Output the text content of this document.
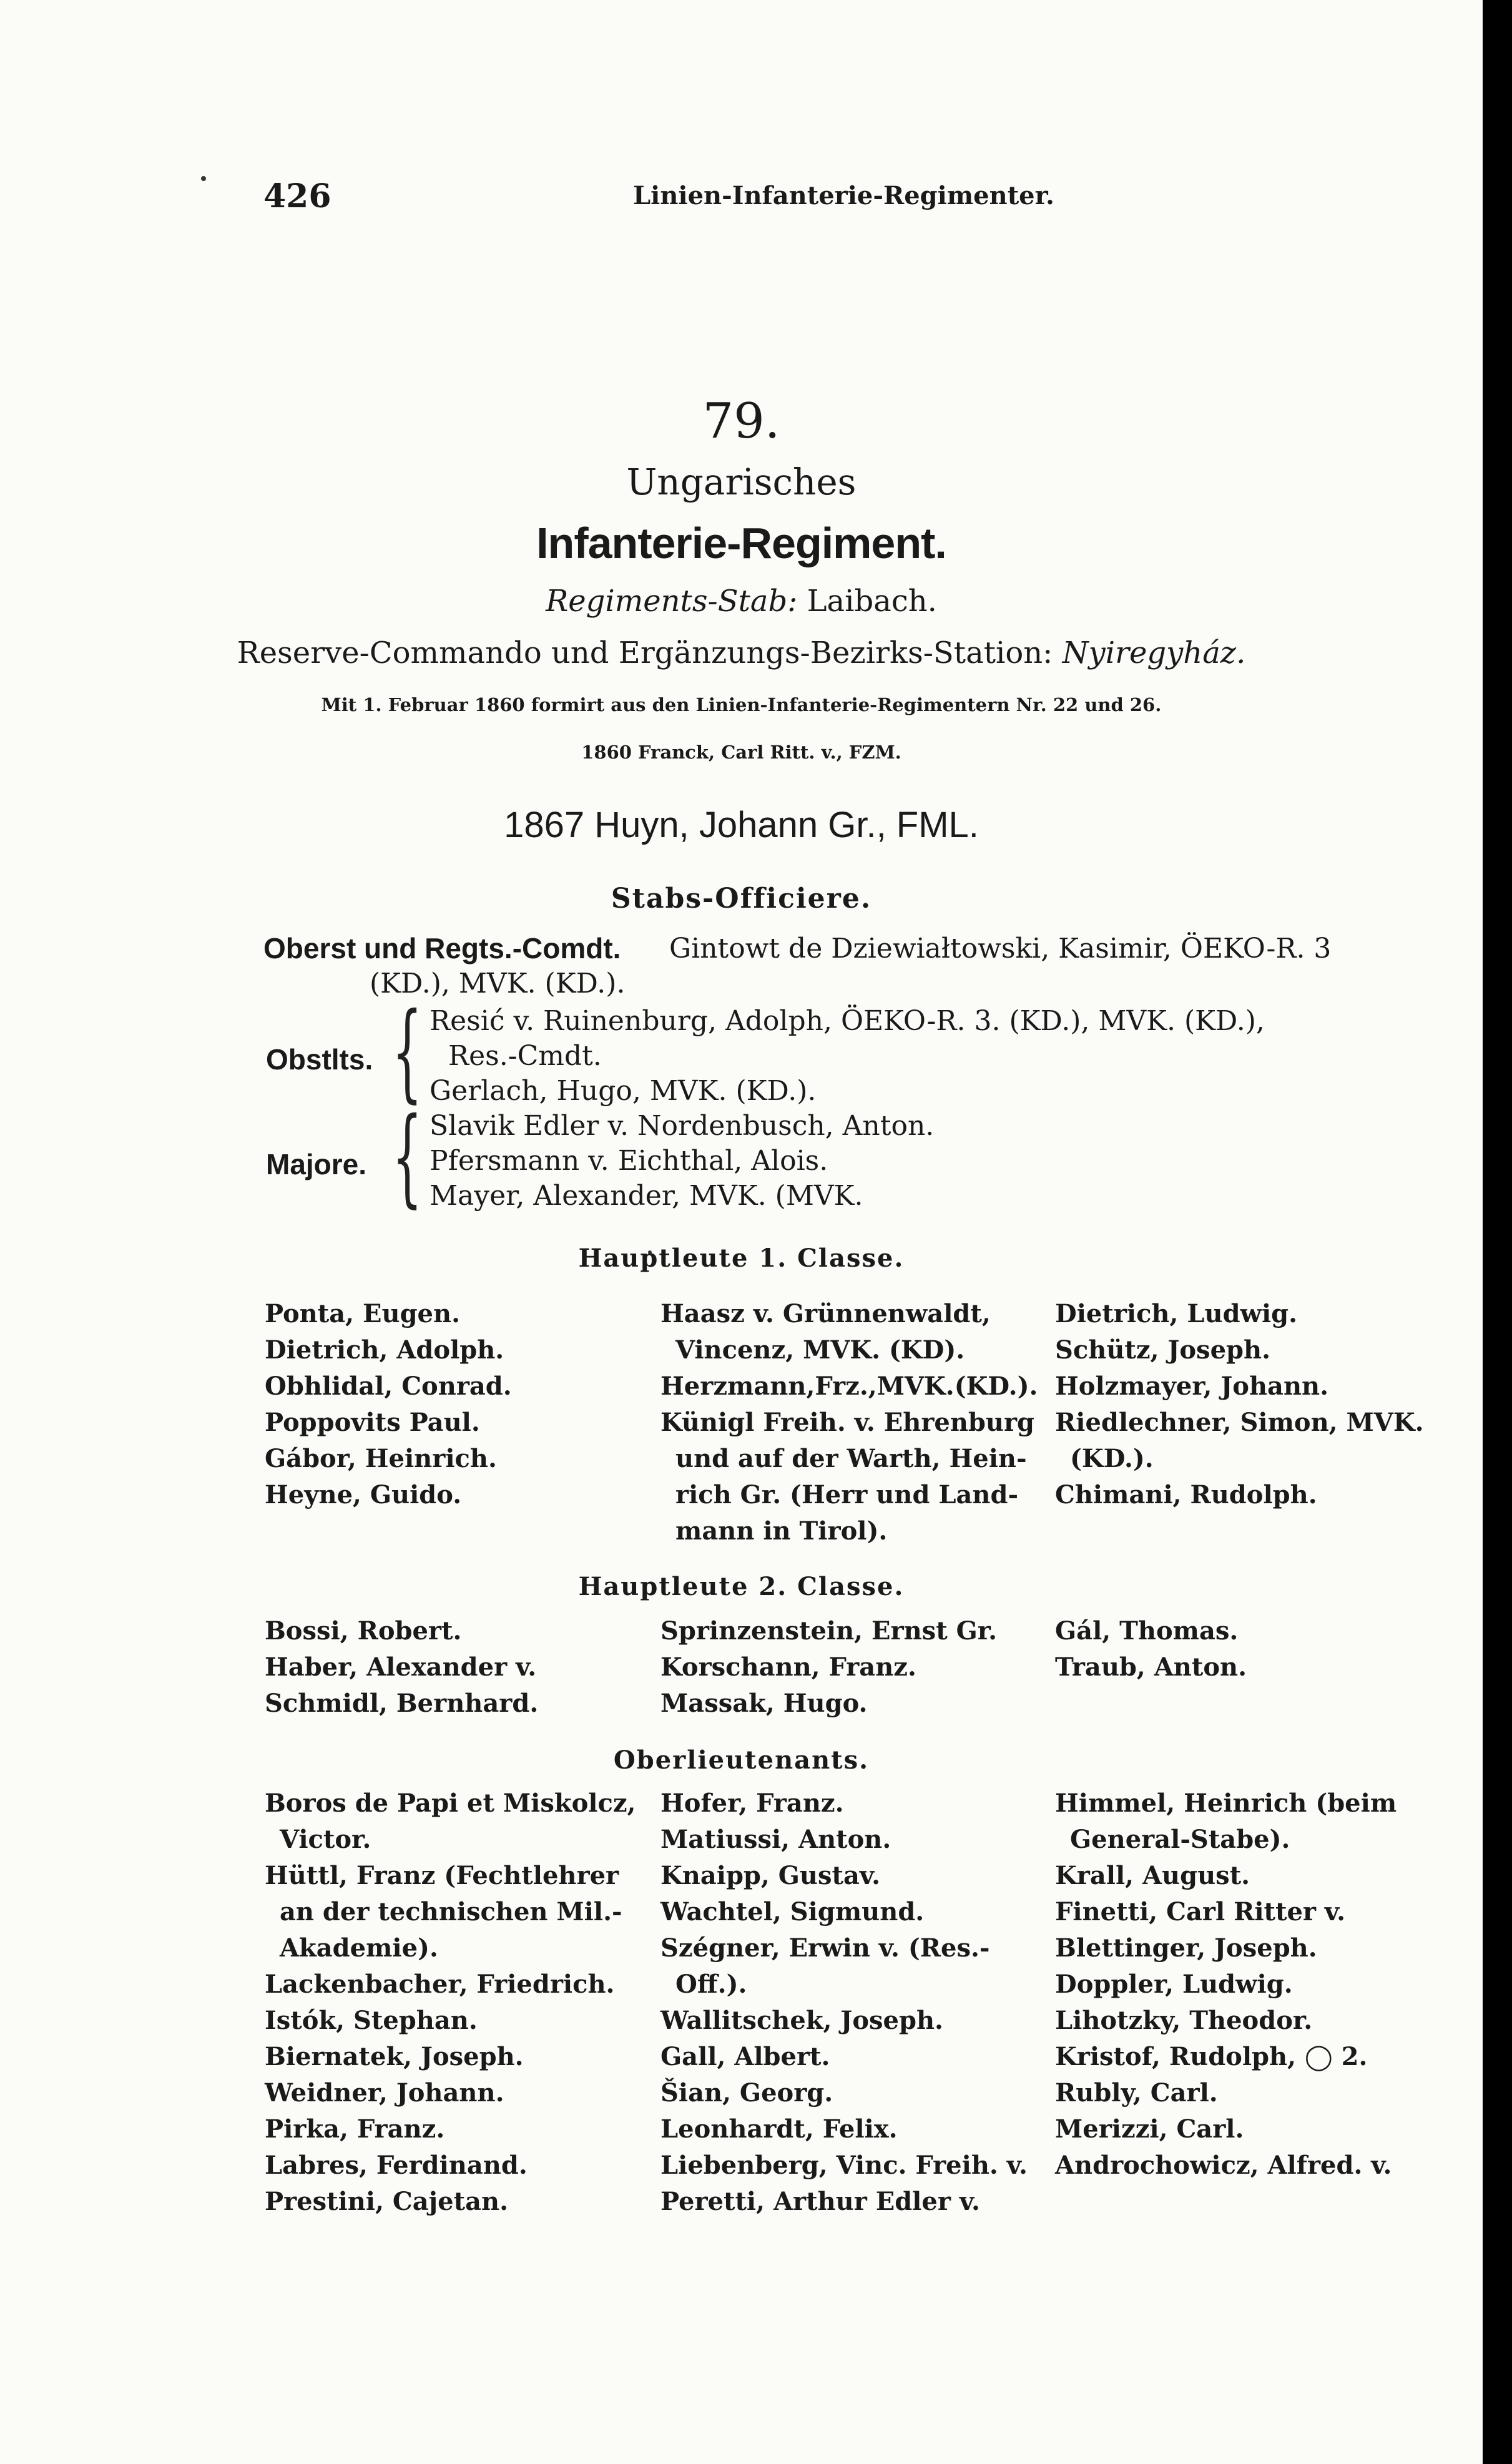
426	Linien-Infanterie-Regimenter.
79.
Ungarisches
Infanterie-Regiment.
Regiments-Stab: Laibach.
Reserve-Commando und Ergänzungs-Bezirks-Station: Nyiregyház.
Mit 1. Februar 1860 formirt aus den Linien-Infanterie-Regimentern Nr. 22 und 26.
1860 Franck, Carl Ritt. v., FZM.
1867 Huyn, Johann Gr., FML.
Stabs-Officiere.
Oberst und Regts.-Comdt. Gintowt de Dziewiałtowski, Kasimir, ÖEKO-R. 3
(KD.), MVK. (KD.).
Obstlts. { Resić v. Ruinenburg, Adolph, ÖEKO-R. 3. (KD.), MVK. (KD.),
Res.-Cmdt.
Gerlach, Hugo, MVK. (KD.).
Majore. { Slavik Edler v. Nordenbusch, Anton.
Pfersmann v. Eichthal, Alois.
Mayer, Alexander, MVK. (MVK.
Hauptleute 1. Classe.
Ponta, Eugen.
Dietrich, Adolph.
Obhlidal, Conrad.
Poppovits Paul.
Gábor, Heinrich.
Heyne, Guido.
Haasz v. Grünnenwaldt,
Vincenz, MVK. (KD).
Herzmann,Frz.,MVK.(KD.).
Künigl Freih. v. Ehrenburg
und auf der Warth, Hein-
rich Gr. (Herr und Land-
mann in Tirol).
Dietrich, Ludwig.
Schütz, Joseph.
Holzmayer, Johann.
Riedlechner, Simon, MVK.
(KD.).
Chimani, Rudolph.
Hauptleute 2. Classe.
Bossi, Robert.
Haber, Alexander v.
Schmidl, Bernhard.
Sprinzenstein, Ernst Gr.
Korschann, Franz.
Massak, Hugo.
Gál, Thomas.
Traub, Anton.
Oberlieutenants.
Boros de Papi et Miskolcz,
Victor.
Hüttl, Franz (Fechtlehrer
an der technischen Mil.-
Akademie).
Lackenbacher, Friedrich.
Istók, Stephan.
Biernatek, Joseph.
Weidner, Johann.
Pirka, Franz.
Labres, Ferdinand.
Prestini, Cajetan.
Hofer, Franz.
Matiussi, Anton.
Knaipp, Gustav.
Wachtel, Sigmund.
Szégner, Erwin v. (Res.-
Off.).
Wallitschek, Joseph.
Gall, Albert.
Šian, Georg.
Leonhardt, Felix.
Liebenberg, Vinc. Freih. v.
Peretti, Arthur Edler v.
Himmel, Heinrich (beim
General-Stabe).
Krall, August.
Finetti, Carl Ritter v.
Blettinger, Joseph.
Doppler, Ludwig.
Lihotzky, Theodor.
Kristof, Rudolph, ◯ 2.
Rubly, Carl.
Merizzi, Carl.
Androchowicz, Alfred. v.
